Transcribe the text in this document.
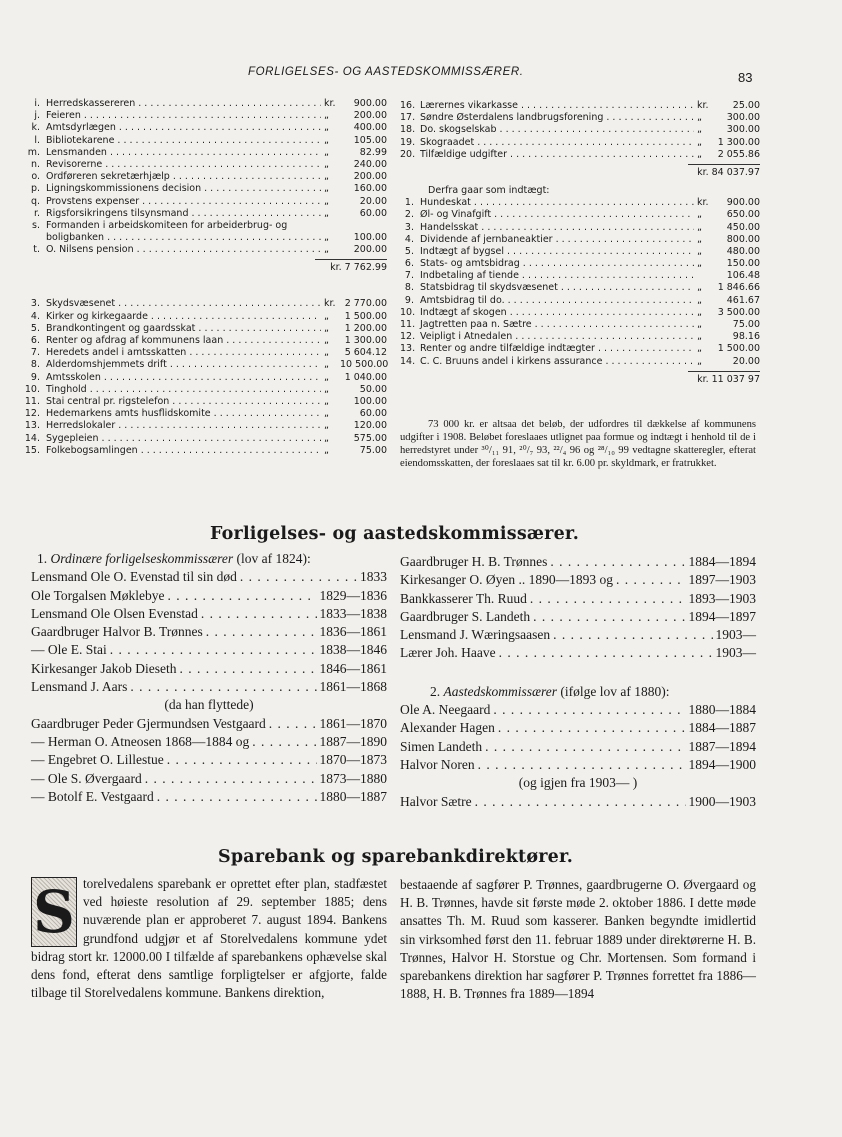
FORLIGELSES- OG AASTEDSKOMMISSÆRER.	83
i. Herredskassereren . . .	kr.	900.00
j. Feieren . . .	„	200.00
k. Amtsdyrlægen . . .	„	400.00
l. Bibliotekarene . . .	„	105.00
m. Lensmanden . . .	„	82.99
n. Revisorerne . . .	„	240.00
o. Ordføreren sekretærhjælp . . .	„	200.00
p. Ligningskommissionens decision . . .	„	160.00
q. Provstens expenser . . .	„	20.00
r. Rigsforsikringens tilsynsmand . . .	„	60.00
s. Formanden i arbeidskomiteen for arbeiderbrug- og
boligbanken . . .	„	100.00
t. O. Nilsens pension . . .	„	200.00
kr. 7 762.99
3. Skydsvæsenet . . .	kr. 2 770.00
4. Kirker og kirkegaarde . . .	„	1 500.00
5. Brandkontingent og gaardsskat . . .	„	1 200.00
6. Renter og afdrag af kommunens laan . . .	„	1 300.00
7. Heredets andel i amtsskatten . . .	„	5 604.12
8. Alderdomshjemmets drift . . .	„	10 500.00
9. Amtsskolen . . .	„	1 040.00
10. Tinghold . . .	„	50.00
11. Stai central pr. rigstelefon . . .	„	100.00
12. Hedemarkens amts husflidskomite . . .	„	60.00
13. Herredslokaler . . .	„	120.00
14. Sygepleien . . .	„	575.00
15. Folkebogsamlingen . . .	„	75.00
16. Lærernes vikarkasse . . .	kr.	25.00
17. Søndre Østerdalens landbrugsforening . . .	„	300.00
18. Do. skogselskab . . .	„	300.00
19. Skograadet . . .	„	1 300.00
20. Tilfældige udgifter . . .	„	2 055.86
kr. 84 037.97
Derfra gaar som indtægt:
1. Hundeskat . . .	kr.	900.00
2. Øl- og Vinafgift . . .	„	650.00
3. Handelsskat . . .	„	450.00
4. Dividende af jernbaneaktier . . .	„	800.00
5. Indtægt af bygsel . . .	„	480.00
6. Stats- og amtsbidrag . . .	„	150.00
7. Indbetaling af tiende . . .	106.48
8. Statsbidrag til skydsvæsenet . . .	„	1 846.66
9. Amtsbidrag til do. . . .	„	461.67
10. Indtægt af skogen . . .	„	3 500.00
11. Jagtretten paa n. Sætre . . .	„	75.00
12. Veipligt i Atnedalen . . .	„	98.16
13. Renter og andre tilfældige indtægter . . .	„	1 500.00
14. C. C. Bruuns andel i kirkens assurance . . .	„	20.00
kr. 11 037 97

73 000 kr. er altsaa det beløb, der udfordres til dækkelse af kommunens udgifter i 1908. Beløbet foreslaaes utlignet paa formue og indtægt i henhold til de i herredstyret under ³⁰/₁₁ 91, ²⁰/₇ 93, ²²/₄ 96 og ²⁸/₁₀ 99 vedtagne skatteregler, efterat eiendomsskatten, der foreslaaes sat til kr. 6.00 pr. skyldmark, er fratrukket.

Forligelses- og aastedskommissærer.
1. Ordinære forligelseskommissærer (lov af 1824):
Lensmand Ole O. Evenstad til sin død . . .	1833
Ole Torgalsen Møklebye . . .	1829—1836
Lensmand Ole Olsen Evenstad . . .	1833—1838
Gaardbruger Halvor B. Trønnes . . .	1836—1861
— Ole E. Stai . . .	1838—1846
Kirkesanger Jakob Dieseth . . .	1846—1861
Lensmand J. Aars . . .	1861—1868
(da han flyttede)
Gaardbruger Peder Gjermundsen Vestgaard . . .	1861—1870
— Herman O. Atneosen 1868—1884 og . . .	1887—1890
— Engebret O. Lillestue . . .	1870—1873
— Ole S. Øvergaard . . .	1873—1880
— Botolf E. Vestgaard . . .	1880—1887
Gaardbruger H. B. Trønnes . . .	1884—1894
Kirkesanger O. Øyen .. 1890—1893 og . . .	1897—1903
Bankkasserer Th. Ruud . . .	1893—1903
Gaardbruger S. Landeth . . .	1894—1897
Lensmand J. Wæringsaasen . . .	1903—
Lærer Joh. Haave . . .	1903—
2. Aastedskommissærer (ifølge lov af 1880):
Ole A. Neegaard . . .	1880—1884
Alexander Hagen . . .	1884—1887
Simen Landeth . . .	1887—1894
Halvor Noren . . .	1894—1900
(og igjen fra 1903— )
Halvor Sætre . . .	1900—1903
Sparebank og sparebankdirektører.
S torelvedalens sparebank er oprettet efter plan, stadfæstet ved høieste resolution af 29. september 1885; dens nuværende plan er approberet 7. august 1894. Bankens grundfond udgjør et af Storelvedalens kommune ydet bidrag stort kr. 12000.00 I tilfælde af sparebankens ophævelse skal dens fond, efterat dens samtlige forpligtelser er afgjorte, falde tilbage til Storelvedalens kommune. Bankens direktion,

bestaaende af sagfører P. Trønnes, gaardbrugerne O. Øvergaard og H. B. Trønnes, havde sit første møde 2. oktober 1886. I dette møde ansattes Th. M. Ruud som kasserer. Banken begyndte imidlertid sin virksomhed først den 11. februar 1889 under direktørerne H. B. Trønnes, Halvor H. Storstue og Chr. Mortensen. Som formand i sparebankens direktion har sagfører P. Trønnes forrettet fra 1886—1888, H. B. Trønnes fra 1889—1894
